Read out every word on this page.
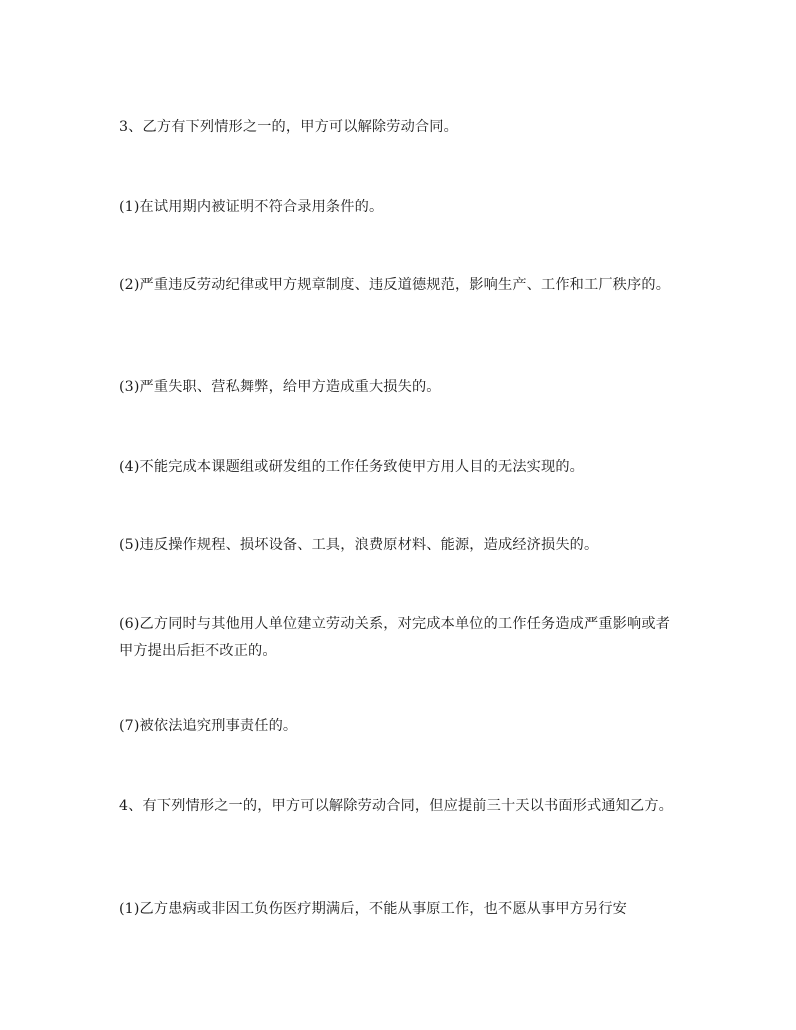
3、乙方有下列情形之一的，甲方可以解除劳动合同。

(1)在试用期内被证明不符合录用条件的。

(2)严重违反劳动纪律或甲方规章制度、违反道德规范，影响生产、工作和工厂秩序的。

(3)严重失职、营私舞弊，给甲方造成重大损失的。

(4)不能完成本课题组或研发组的工作任务致使甲方用人目的无法实现的。

(5)违反操作规程、损坏设备、工具，浪费原材料、能源，造成经济损失的。

(6)乙方同时与其他用人单位建立劳动关系，对完成本单位的工作任务造成严重影响或者甲方提出后拒不改正的。

(7)被依法追究刑事责任的。

4、有下列情形之一的，甲方可以解除劳动合同，但应提前三十天以书面形式通知乙方。

(1)乙方患病或非因工负伤医疗期满后，不能从事原工作，也不愿从事甲方另行安
